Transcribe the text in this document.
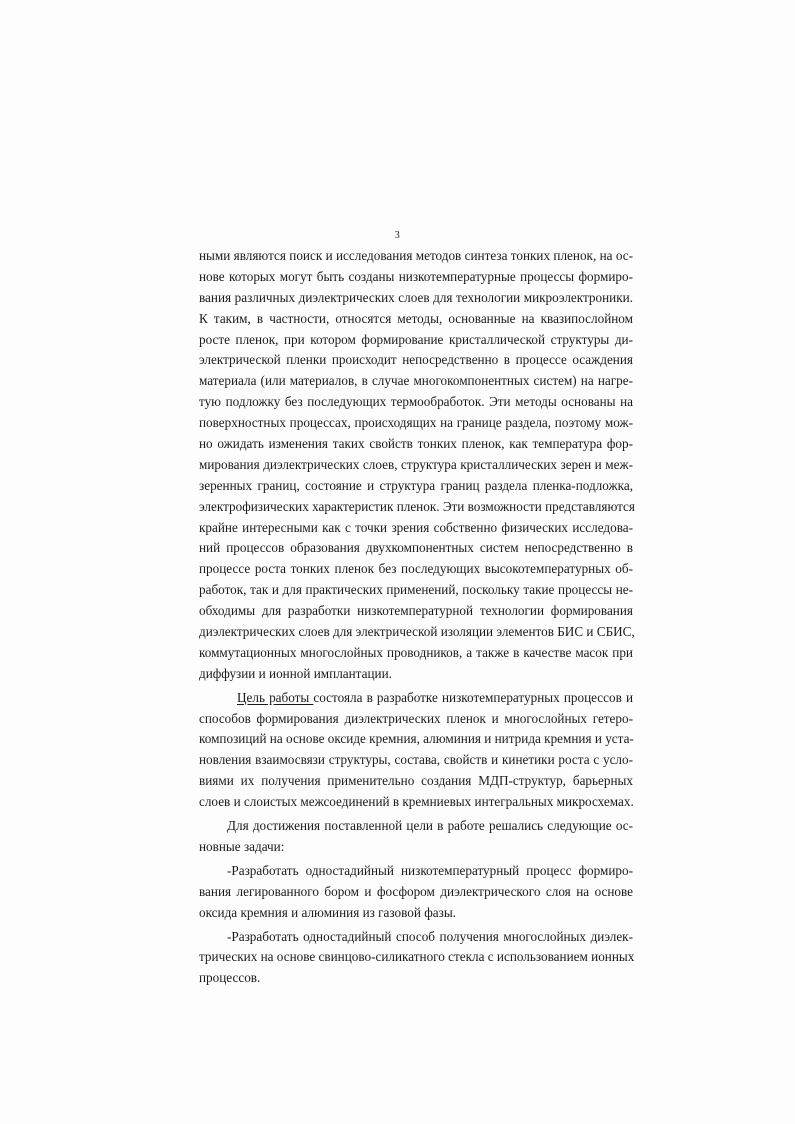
3
ными являются поиск и исследования методов синтеза тонких пленок, на ос-
нове которых могут быть созданы низкотемпературные процессы формиро-
вания различных диэлектрических слоев для технологии микроэлектроники.
К таким, в частности, относятся методы, основанные на квазипослойном
росте пленок, при котором формирование кристаллической структуры ди-
электрической пленки происходит непосредственно в процессе осаждения
материала (или материалов, в случае многокомпонентных систем) на нагре-
тую подложку без последующих термообработок. Эти методы основаны на
поверхностных процессах, происходящих на границе раздела, поэтому мож-
но ожидать изменения таких свойств тонких пленок, как температура фор-
мирования диэлектрических слоев, структура кристаллических зерен и меж-
зеренных границ, состояние и структура границ раздела пленка-подложка,
электрофизических характеристик пленок. Эти возможности представляются
крайне интересными как с точки зрения собственно физических исследова-
ний процессов образования двухкомпонентных систем непосредственно в
процессе роста тонких пленок без последующих высокотемпературных об-
работок, так и для практических применений, поскольку такие процессы не-
обходимы для разработки низкотемпературной технологии формирования
диэлектрических слоев для электрической изоляции элементов БИС и СБИС,
коммутационных многослойных проводников, а также в качестве масок при
диффузии и ионной имплантации.
Цель работы состояла в разработке низкотемпературных процессов и
способов формирования диэлектрических пленок и многослойных гетеро-
композиций на основе оксиде кремния, алюминия и нитрида кремния и уста-
новления взаимосвязи структуры, состава, свойств и кинетики роста с усло-
виями их получения применительно создания МДП-структур, барьерных
слоев и слоистых межсоединений в кремниевых интегральных микросхемах.
Для достижения поставленной цели в работе решались следующие ос-
новные задачи:
-Разработать одностадийный низкотемпературный процесс формиро-
вания легированного бором и фосфором диэлектрического слоя на основе
оксида кремния и алюминия из газовой фазы.
-Разработать одностадийный способ получения многослойных диэлек-
трических на основе свинцово-силикатного стекла с использованием ионных
процессов.
